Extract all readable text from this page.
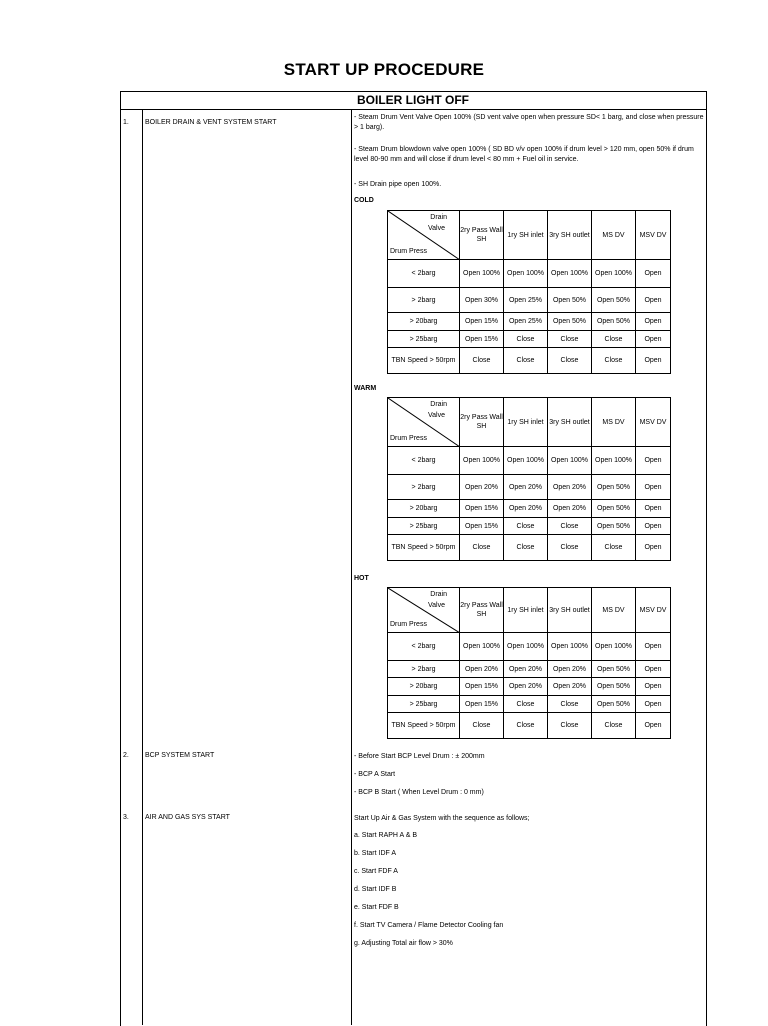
START UP PROCEDURE
BOILER LIGHT OFF
1. BOILER DRAIN & VENT SYSTEM START
- Steam Drum Vent Valve Open 100% (SD vent valve open when pressure SD< 1 barg, and close when pressure > 1 barg).
- Steam Drum blowdown valve open 100% ( SD BD v/v open 100% if drum level > 120 mm, open 50% if drum level 80-90 mm and will close if drum level < 80 mm + Fuel oil in service.
- SH Drain pipe open 100%.
COLD
Drain
Valve
Drum Press	2ry Pass Wall SH	1ry SH inlet	3ry SH outlet	MS DV	MSV DV
< 2barg	Open 100%	Open 100%	Open 100%	Open 100%	Open
> 2barg	Open 30%	Open 25%	Open 50%	Open 50%	Open
> 20barg	Open 15%	Open 25%	Open 50%	Open 50%	Open
> 25barg	Open 15%	Close	Close	Close	Open
TBN Speed > 50rpm	Close	Close	Close	Close	Open
WARM
Drain
Valve
Drum Press	2ry Pass Wall SH	1ry SH inlet	3ry SH outlet	MS DV	MSV DV
< 2barg	Open 100%	Open 100%	Open 100%	Open 100%	Open
> 2barg	Open 20%	Open 20%	Open 20%	Open 50%	Open
> 20barg	Open 15%	Open 20%	Open 20%	Open 50%	Open
> 25barg	Open 15%	Close	Close	Open 50%	Open
TBN Speed > 50rpm	Close	Close	Close	Close	Open
HOT
Drain
Valve
Drum Press	2ry Pass Wall SH	1ry SH inlet	3ry SH outlet	MS DV	MSV DV
< 2barg	Open 100%	Open 100%	Open 100%	Open 100%	Open
> 2barg	Open 20%	Open 20%	Open 20%	Open 50%	Open
> 20barg	Open 15%	Open 20%	Open 20%	Open 50%	Open
> 25barg	Open 15%	Close	Close	Open 50%	Open
TBN Speed > 50rpm	Close	Close	Close	Close	Open
2. BCP SYSTEM START	- Before Start BCP Level Drum : ± 200mm
- BCP A Start
- BCP B Start ( When Level Drum : 0 mm)
3. AIR AND GAS SYS START	Start Up Air & Gas System with the sequence as follows;
a. Start RAPH A & B
b. Start IDF A
c. Start FDF A
d. Start IDF B
e. Start FDF B
f. Start TV Camera / Flame Detector Cooling fan
g. Adjusting Total air flow > 30%
